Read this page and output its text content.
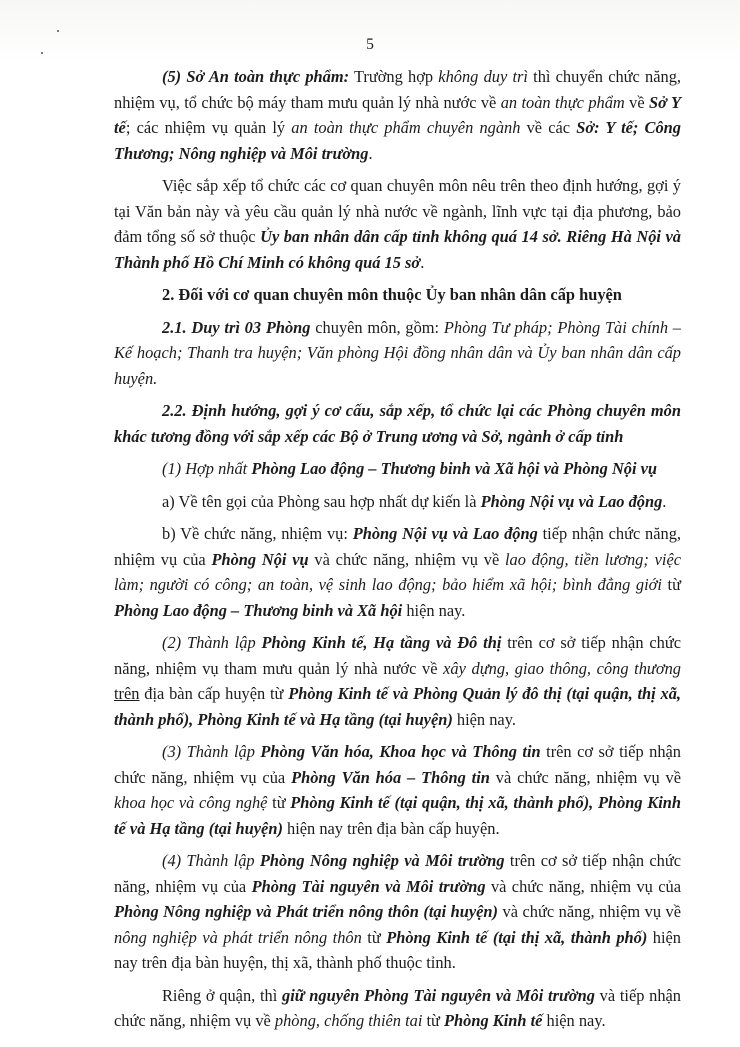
5

(5) Sở An toàn thực phẩm: Trường hợp không duy trì thì chuyển chức năng, nhiệm vụ, tổ chức bộ máy tham mưu quản lý nhà nước về an toàn thực phẩm về Sở Y tế; các nhiệm vụ quản lý an toàn thực phẩm chuyên ngành về các Sở: Y tế; Công Thương; Nông nghiệp và Môi trường.

Việc sắp xếp tổ chức các cơ quan chuyên môn nêu trên theo định hướng, gợi ý tại Văn bản này và yêu cầu quản lý nhà nước về ngành, lĩnh vực tại địa phương, bảo đảm tổng số sở thuộc Ủy ban nhân dân cấp tỉnh không quá 14 sở. Riêng Hà Nội và Thành phố Hồ Chí Minh có không quá 15 sở.

2. Đối với cơ quan chuyên môn thuộc Ủy ban nhân dân cấp huyện

2.1. Duy trì 03 Phòng chuyên môn, gồm: Phòng Tư pháp; Phòng Tài chính – Kế hoạch; Thanh tra huyện; Văn phòng Hội đồng nhân dân và Ủy ban nhân dân cấp huyện.

2.2. Định hướng, gợi ý cơ cấu, sắp xếp, tổ chức lại các Phòng chuyên môn khác tương đồng với sắp xếp các Bộ ở Trung ương và Sở, ngành ở cấp tỉnh

(1) Hợp nhất Phòng Lao động – Thương binh và Xã hội và Phòng Nội vụ

a) Về tên gọi của Phòng sau hợp nhất dự kiến là Phòng Nội vụ và Lao động.

b) Về chức năng, nhiệm vụ: Phòng Nội vụ và Lao động tiếp nhận chức năng, nhiệm vụ của Phòng Nội vụ và chức năng, nhiệm vụ về lao động, tiền lương; việc làm; người có công; an toàn, vệ sinh lao động; bảo hiểm xã hội; bình đẳng giới từ Phòng Lao động – Thương binh và Xã hội hiện nay.

(2) Thành lập Phòng Kinh tế, Hạ tầng và Đô thị trên cơ sở tiếp nhận chức năng, nhiệm vụ tham mưu quản lý nhà nước về xây dựng, giao thông, công thương trên địa bàn cấp huyện từ Phòng Kinh tế và Phòng Quản lý đô thị (tại quận, thị xã, thành phố), Phòng Kinh tế và Hạ tầng (tại huyện) hiện nay.

(3) Thành lập Phòng Văn hóa, Khoa học và Thông tin trên cơ sở tiếp nhận chức năng, nhiệm vụ của Phòng Văn hóa – Thông tin và chức năng, nhiệm vụ về khoa học và công nghệ từ Phòng Kinh tế (tại quận, thị xã, thành phố), Phòng Kinh tế và Hạ tầng (tại huyện) hiện nay trên địa bàn cấp huyện.

(4) Thành lập Phòng Nông nghiệp và Môi trường trên cơ sở tiếp nhận chức năng, nhiệm vụ của Phòng Tài nguyên và Môi trường và chức năng, nhiệm vụ của Phòng Nông nghiệp và Phát triển nông thôn (tại huyện) và chức năng, nhiệm vụ về nông nghiệp và phát triển nông thôn từ Phòng Kinh tế (tại thị xã, thành phố) hiện nay trên địa bàn huyện, thị xã, thành phố thuộc tỉnh.

Riêng ở quận, thì giữ nguyên Phòng Tài nguyên và Môi trường và tiếp nhận chức năng, nhiệm vụ về phòng, chống thiên tai từ Phòng Kinh tế hiện nay.
